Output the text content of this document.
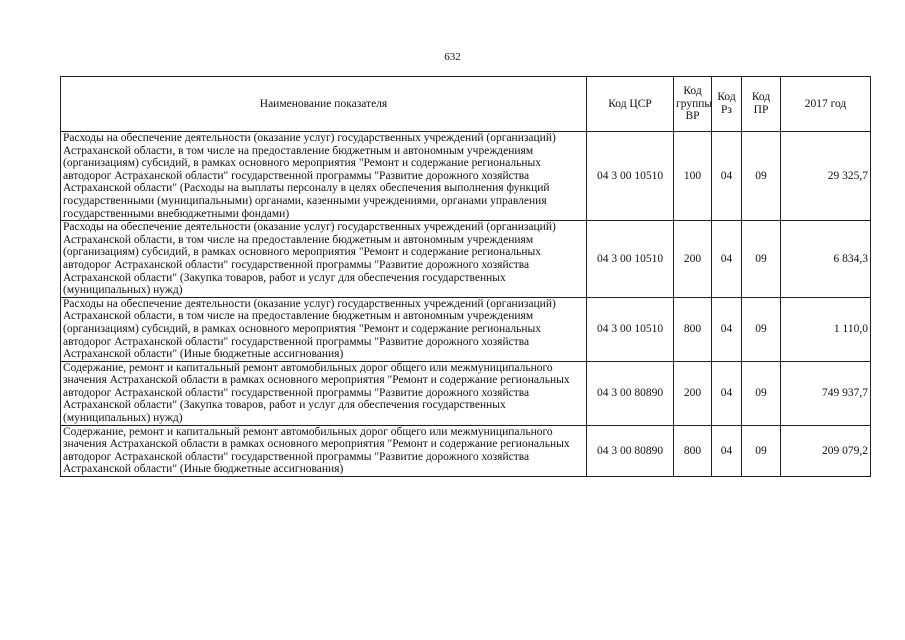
632
Наименование показателя	Код ЦСР	Код группы ВР	Код Рз	Код ПР	2017 год
Расходы на обеспечение деятельности (оказание услуг) государственных учреждений (организаций) Астраханской области, в том числе на предоставление бюджетным и автономным учреждениям (организациям) субсидий, в рамках основного мероприятия "Ремонт и содержание региональных автодорог Астраханской области" государственной программы "Развитие дорожного хозяйства Астраханской области" (Расходы на выплаты персоналу в целях обеспечения выполнения функций государственными (муниципальными) органами, казенными учреждениями, органами управления государственными внебюджетными фондами)	04 3 00 10510	100	04	09	29 325,7
Расходы на обеспечение деятельности (оказание услуг) государственных учреждений (организаций) Астраханской области, в том числе на предоставление бюджетным и автономным учреждениям (организациям) субсидий, в рамках основного мероприятия "Ремонт и содержание региональных автодорог Астраханской области" государственной программы "Развитие дорожного хозяйства Астраханской области" (Закупка товаров, работ и услуг для обеспечения государственных (муниципальных) нужд)	04 3 00 10510	200	04	09	6 834,3
Расходы на обеспечение деятельности (оказание услуг) государственных учреждений (организаций) Астраханской области, в том числе на предоставление бюджетным и автономным учреждениям (организациям) субсидий, в рамках основного мероприятия "Ремонт и содержание региональных автодорог Астраханской области" государственной программы "Развитие дорожного хозяйства Астраханской области" (Иные бюджетные ассигнования)	04 3 00 10510	800	04	09	1 110,0
Содержание, ремонт и капитальный ремонт автомобильных дорог общего или межмуниципального значения Астраханской области в рамках основного мероприятия "Ремонт и содержание региональных автодорог Астраханской области" государственной программы "Развитие дорожного хозяйства Астраханской области" (Закупка товаров, работ и услуг для обеспечения государственных (муниципальных) нужд)	04 3 00 80890	200	04	09	749 937,7
Содержание, ремонт и капитальный ремонт автомобильных дорог общего или межмуниципального значения Астраханской области в рамках основного мероприятия "Ремонт и содержание региональных автодорог Астраханской области" государственной программы "Развитие дорожного хозяйства Астраханской области" (Иные бюджетные ассигнования)	04 3 00 80890	800	04	09	209 079,2
